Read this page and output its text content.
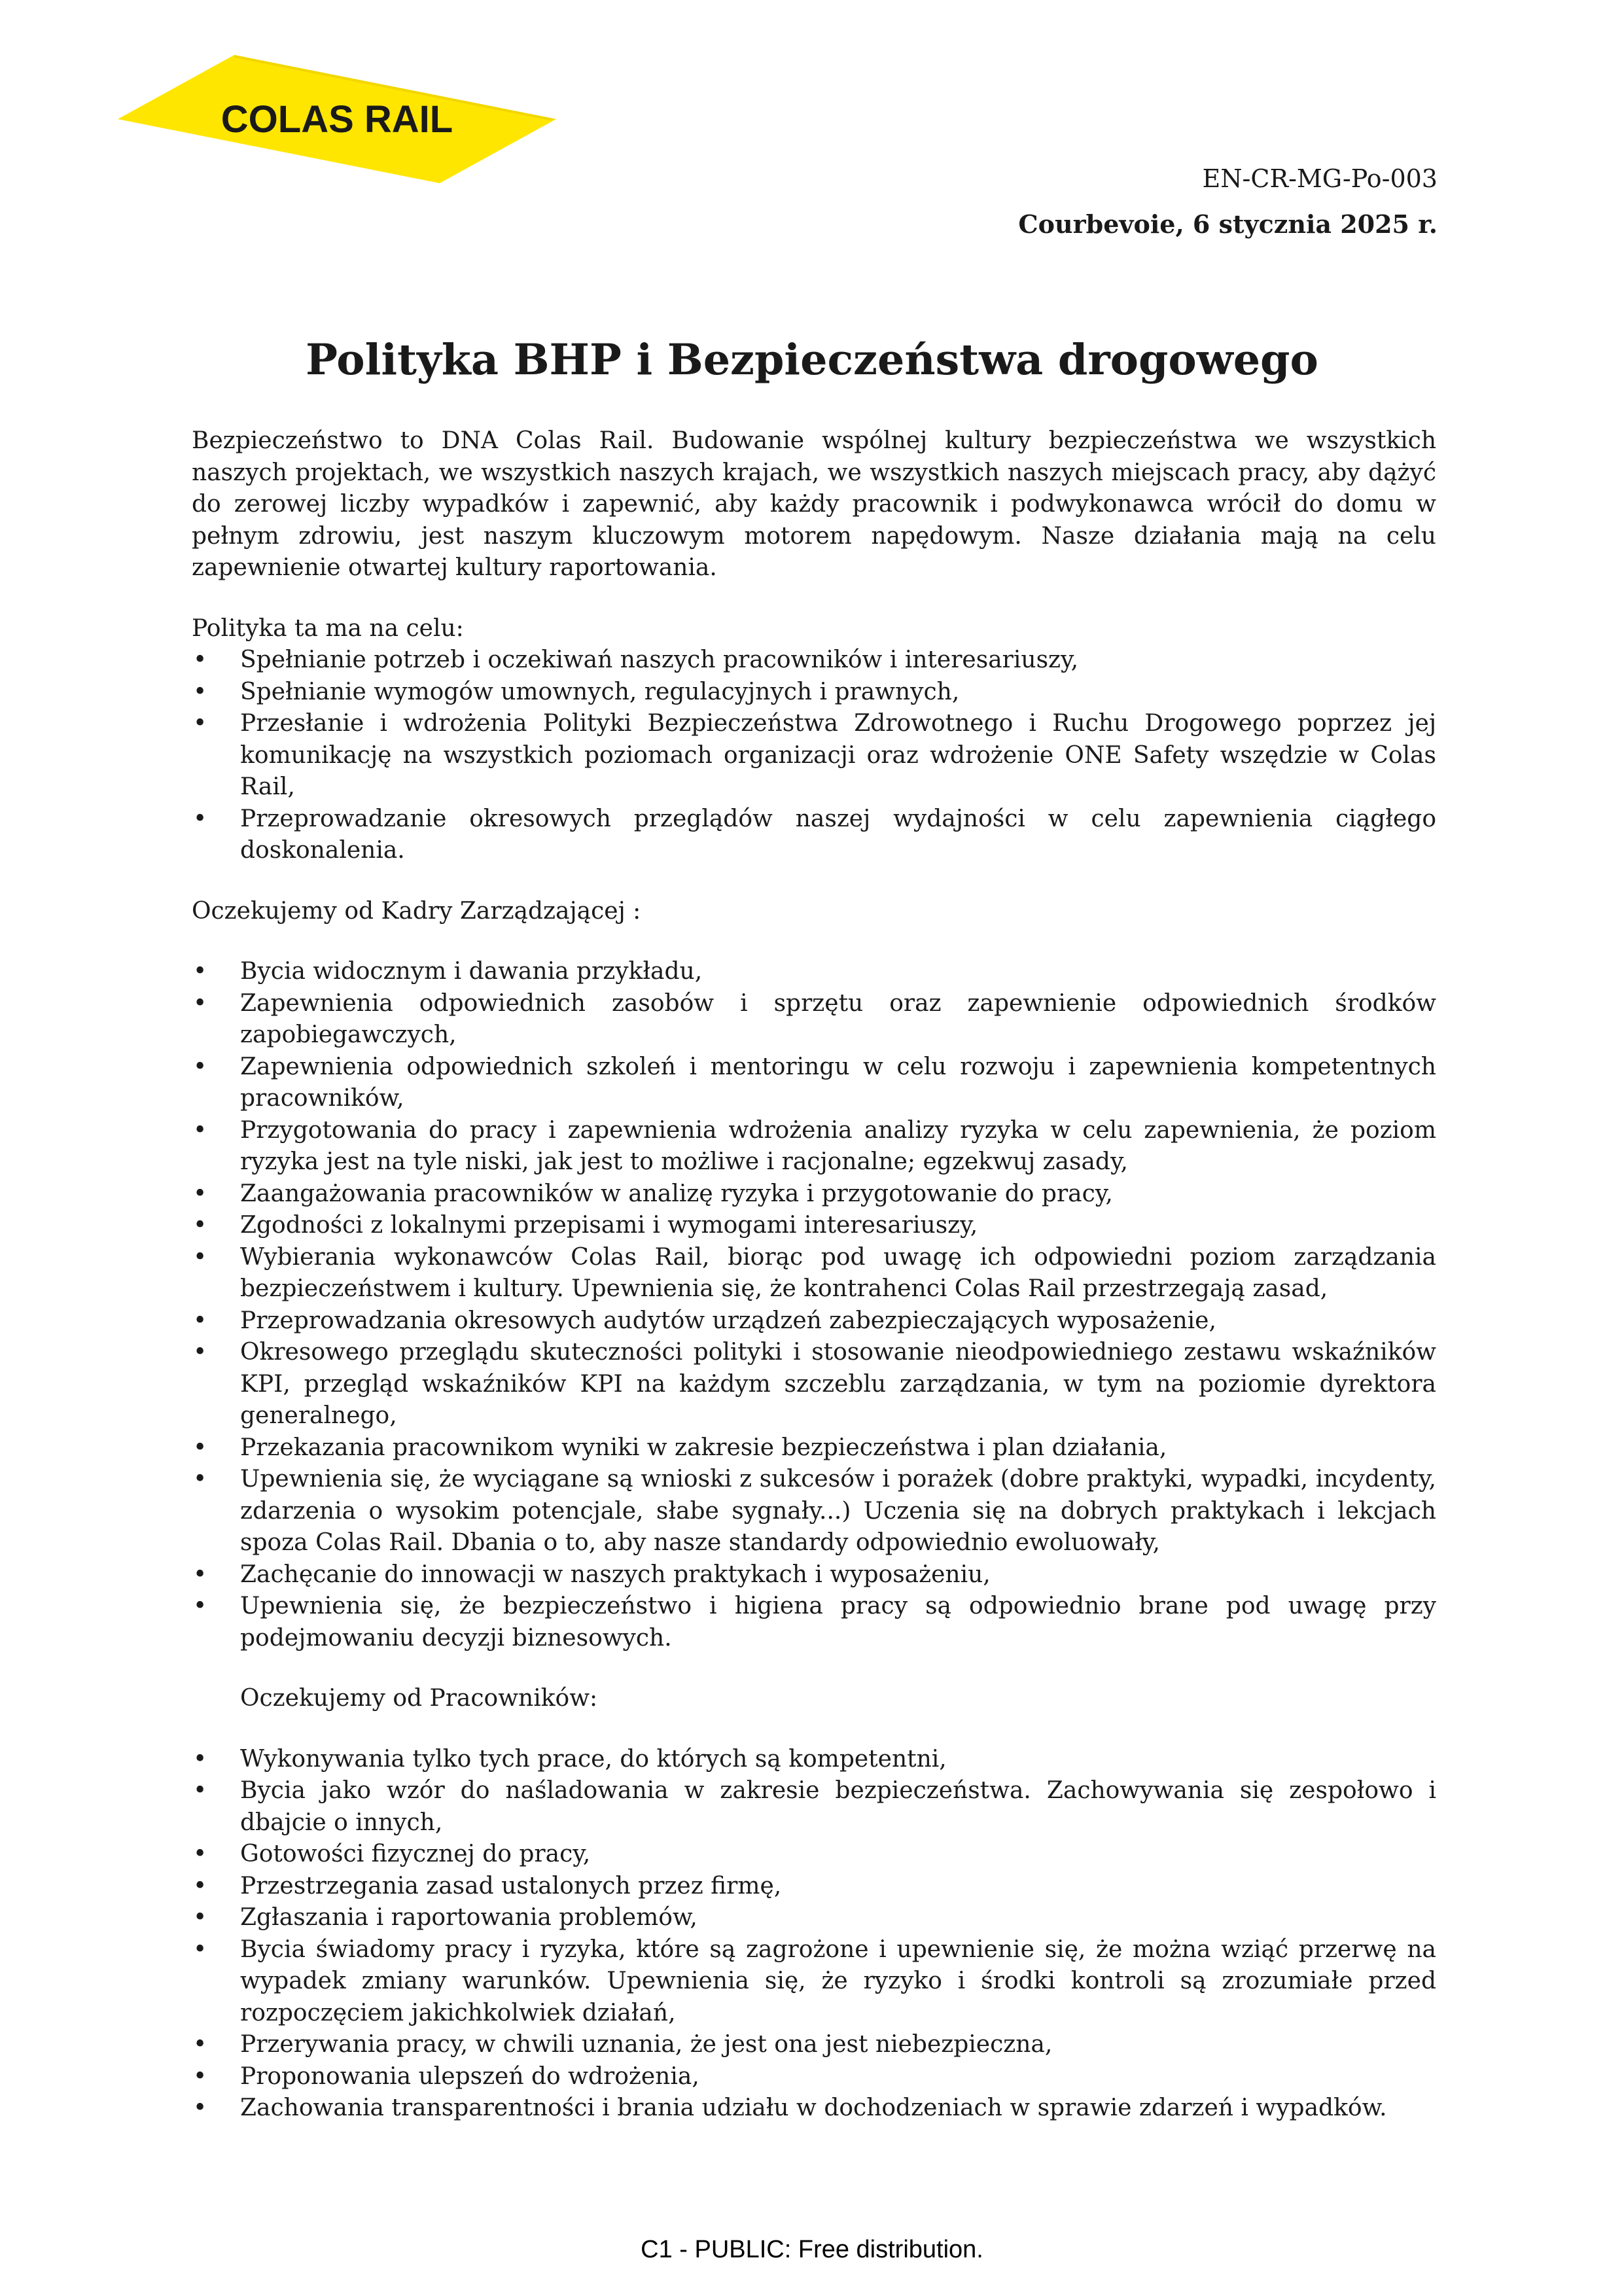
COLAS RAIL
EN-CR-MG-Po-003
Courbevoie, 6 stycznia 2025 r.
Polityka BHP i Bezpieczeństwa drogowego

Bezpieczeństwo to DNA Colas Rail. Budowanie wspólnej kultury bezpieczeństwa we wszystkich naszych projektach, we wszystkich naszych krajach, we wszystkich naszych miejscach pracy, aby dążyć do zerowej liczby wypadków i zapewnić, aby każdy pracownik i podwykonawca wrócił do domu w pełnym zdrowiu, jest naszym kluczowym motorem napędowym. Nasze działania mają na celu zapewnienie otwartej kultury raportowania.

Polityka ta ma na celu:

• Spełnianie potrzeb i oczekiwań naszych pracowników i interesariuszy,
• Spełnianie wymogów umownych, regulacyjnych i prawnych,
• Przesłanie i wdrożenia Polityki Bezpieczeństwa Zdrowotnego i Ruchu Drogowego poprzez jej komunikację na wszystkich poziomach organizacji oraz wdrożenie ONE Safety wszędzie w Colas Rail,
• Przeprowadzanie okresowych przeglądów naszej wydajności w celu zapewnienia ciągłego doskonalenia.

Oczekujemy od Kadry Zarządzającej :

• Bycia widocznym i dawania przykładu,
• Zapewnienia odpowiednich zasobów i sprzętu oraz zapewnienie odpowiednich środków zapobiegawczych,
• Zapewnienia odpowiednich szkoleń i mentoringu w celu rozwoju i zapewnienia kompetentnych pracowników,
• Przygotowania do pracy i zapewnienia wdrożenia analizy ryzyka w celu zapewnienia, że poziom ryzyka jest na tyle niski, jak jest to możliwe i racjonalne; egzekwuj zasady,
• Zaangażowania pracowników w analizę ryzyka i przygotowanie do pracy,
• Zgodności z lokalnymi przepisami i wymogami interesariuszy,
• Wybierania wykonawców Colas Rail, biorąc pod uwagę ich odpowiedni poziom zarządzania bezpieczeństwem i kultury. Upewnienia się, że kontrahenci Colas Rail przestrzegają zasad,
• Przeprowadzania okresowych audytów urządzeń zabezpieczających wyposażenie,
• Okresowego przeglądu skuteczności polityki i stosowanie nieodpowiedniego zestawu wskaźników KPI, przegląd wskaźników KPI na każdym szczeblu zarządzania, w tym na poziomie dyrektora generalnego,
• Przekazania pracownikom wyniki w zakresie bezpieczeństwa i plan działania,
• Upewnienia się, że wyciągane są wnioski z sukcesów i porażek (dobre praktyki, wypadki, incydenty, zdarzenia o wysokim potencjale, słabe sygnały...) Uczenia się na dobrych praktykach i lekcjach spoza Colas Rail. Dbania o to, aby nasze standardy odpowiednio ewoluowały,
• Zachęcanie do innowacji w naszych praktykach i wyposażeniu,
• Upewnienia się, że bezpieczeństwo i higiena pracy są odpowiednio brane pod uwagę przy podejmowaniu decyzji biznesowych.

Oczekujemy od Pracowników:

• Wykonywania tylko tych prace, do których są kompetentni,
• Bycia jako wzór do naśladowania w zakresie bezpieczeństwa. Zachowywania się zespołowo i dbajcie o innych,
• Gotowości fizycznej do pracy,
• Przestrzegania zasad ustalonych przez firmę,
• Zgłaszania i raportowania problemów,
• Bycia świadomy pracy i ryzyka, które są zagrożone i upewnienie się, że można wziąć przerwę na wypadek zmiany warunków. Upewnienia się, że ryzyko i środki kontroli są zrozumiałe przed rozpoczęciem jakichkolwiek działań,
• Przerywania pracy, w chwili uznania, że jest ona jest niebezpieczna,
• Proponowania ulepszeń do wdrożenia,
• Zachowania transparentności i brania udziału w dochodzeniach w sprawie zdarzeń i wypadków.
C1 - PUBLIC: Free distribution.
